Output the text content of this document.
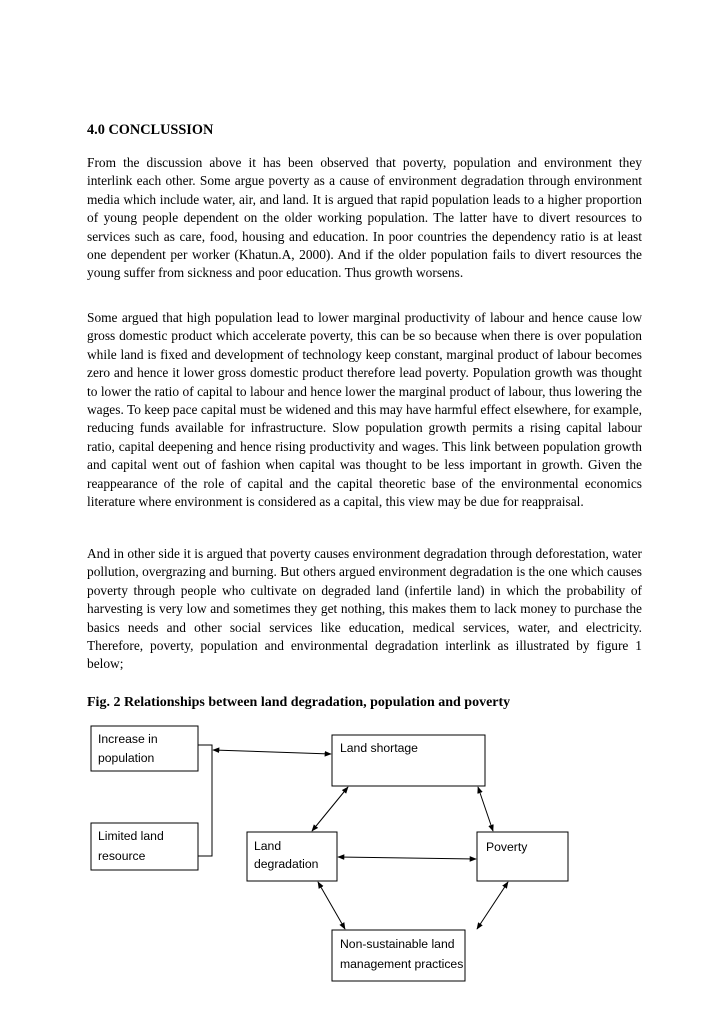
4.0 CONCLUSSION

From the discussion above it has been observed that poverty, population and environment they interlink each other. Some argue poverty as a cause of environment degradation through environment media which include water, air, and land. It is argued that rapid population leads to a higher proportion of young people dependent on the older working population. The latter have to divert resources to services such as care, food, housing and education. In poor countries the dependency ratio is at least one dependent per worker (Khatun.A, 2000). And if the older population fails to divert resources the young suffer from sickness and poor education. Thus growth worsens.

Some argued that high population lead to lower marginal productivity of labour and hence cause low gross domestic product which accelerate poverty, this can be so because when there is over population while land is fixed and development of technology keep constant, marginal product of labour becomes zero and hence it lower gross domestic product therefore lead poverty. Population growth was thought to lower the ratio of capital to labour and hence lower the marginal product of labour, thus lowering the wages. To keep pace capital must be widened and this may have harmful effect elsewhere, for example, reducing funds available for infrastructure. Slow population growth permits a rising capital labour ratio, capital deepening and hence rising productivity and wages. This link between population growth and capital went out of fashion when capital was thought to be less important in growth. Given the reappearance of the role of capital and the capital theoretic base of the environmental economics literature where environment is considered as a capital, this view may be due for reappraisal.

And in other side it is argued that poverty causes environment degradation through deforestation, water pollution, overgrazing and burning. But others argued environment degradation is the one which causes poverty through people who cultivate on degraded land (infertile land) in which the probability of harvesting is very low and sometimes they get nothing, this makes them to lack money to purchase the basics needs and other social services like education, medical services, water, and electricity. Therefore, poverty, population and environmental degradation interlink as illustrated by figure 1 below;

Fig. 2 Relationships between land degradation, population and poverty
Increase in
population
Limited land
resource
Land shortage
Land
degradation
Poverty
Non-sustainable land
management practices
